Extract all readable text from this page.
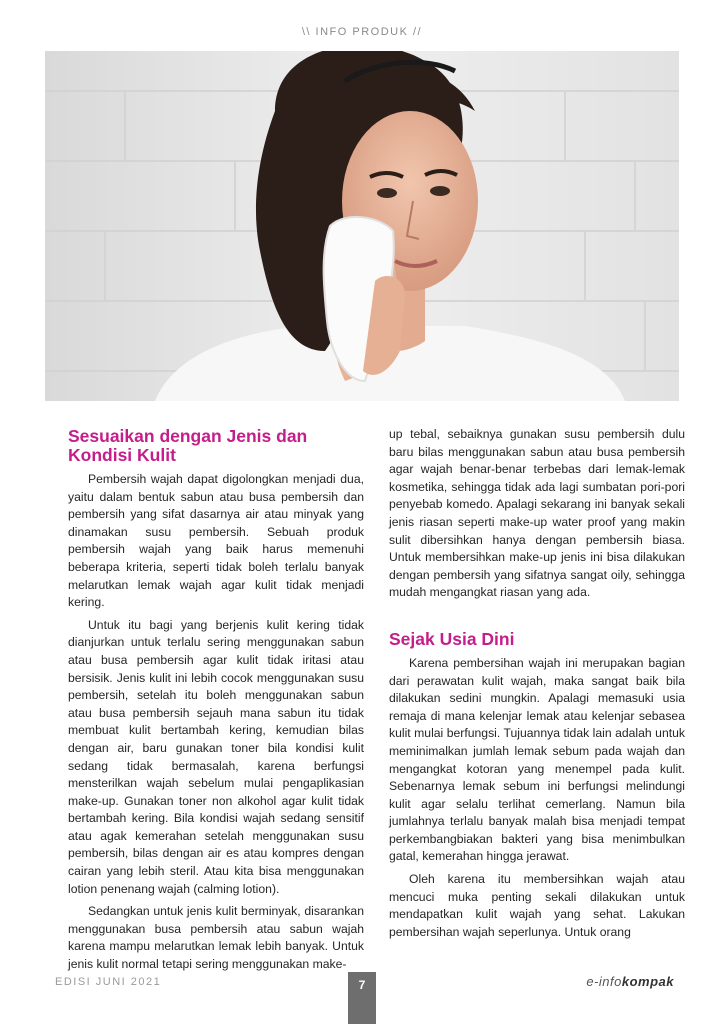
\\ INFO PRODUK //
Sesuaikan dengan Jenis dan Kondisi Kulit

Pembersih wajah dapat digolongkan menjadi dua, yaitu dalam bentuk sabun atau busa pembersih dan pembersih yang sifat dasarnya air atau minyak yang dinamakan susu pembersih. Sebuah produk pembersih wajah yang baik harus memenuhi beberapa kriteria, seperti tidak boleh terlalu banyak melarutkan lemak wajah agar kulit tidak menjadi kering.

Untuk itu bagi yang berjenis kulit kering tidak dianjurkan untuk terlalu sering menggunakan sabun atau busa pembersih agar kulit tidak iritasi atau bersisik. Jenis kulit ini lebih cocok menggunakan susu pembersih, setelah itu boleh menggunakan sabun atau busa pembersih sejauh mana sabun itu tidak membuat kulit bertambah kering, kemudian bilas dengan air, baru gunakan toner bila kondisi kulit sedang tidak bermasalah, karena berfungsi mensterilkan wajah sebelum mulai pengaplikasian make-up. Gunakan toner non alkohol agar kulit tidak bertambah kering. Bila kondisi wajah sedang sensitif atau agak kemerahan setelah menggunakan susu pembersih, bilas dengan air es atau kompres dengan cairan yang lebih steril. Atau kita bisa menggunakan lotion penenang wajah (calming lotion).

Sedangkan untuk jenis kulit berminyak, disarankan menggunakan busa pembersih atau sabun wajah karena mampu melarutkan lemak lebih banyak. Untuk jenis kulit normal tetapi sering menggunakan make-

up tebal, sebaiknya gunakan susu pembersih dulu baru bilas menggunakan sabun atau busa pembersih agar wajah benar-benar terbebas dari lemak-lemak kosmetika, sehingga tidak ada lagi sumbatan pori-pori penyebab komedo. Apalagi sekarang ini banyak sekali jenis riasan seperti make-up water proof yang makin sulit dibersihkan hanya dengan pembersih biasa. Untuk membersihkan make-up jenis ini bisa dilakukan dengan pembersih yang sifatnya sangat oily, sehingga mudah mengangkat riasan yang ada.

Sejak Usia Dini

Karena pembersihan wajah ini merupakan bagian dari perawatan kulit wajah, maka sangat baik bila dilakukan sedini mungkin. Apalagi memasuki usia remaja di mana kelenjar lemak atau kelenjar sebasea kulit mulai berfungsi. Tujuannya tidak lain adalah untuk meminimalkan jumlah lemak sebum pada wajah dan mengangkat kotoran yang menempel pada kulit. Sebenarnya lemak sebum ini berfungsi melindungi kulit agar selalu terlihat cemerlang. Namun bila jumlahnya terlalu banyak malah bisa menjadi tempat perkembangbiakan bakteri yang bisa menimbulkan gatal, kemerahan hingga jerawat.

Oleh karena itu membersihkan wajah atau mencuci muka penting sekali dilakukan untuk mendapatkan kulit wajah yang sehat. Lakukan pembersihan wajah seperlunya. Untuk orang

EDISI JUNI 2021	7	e-infokompak
